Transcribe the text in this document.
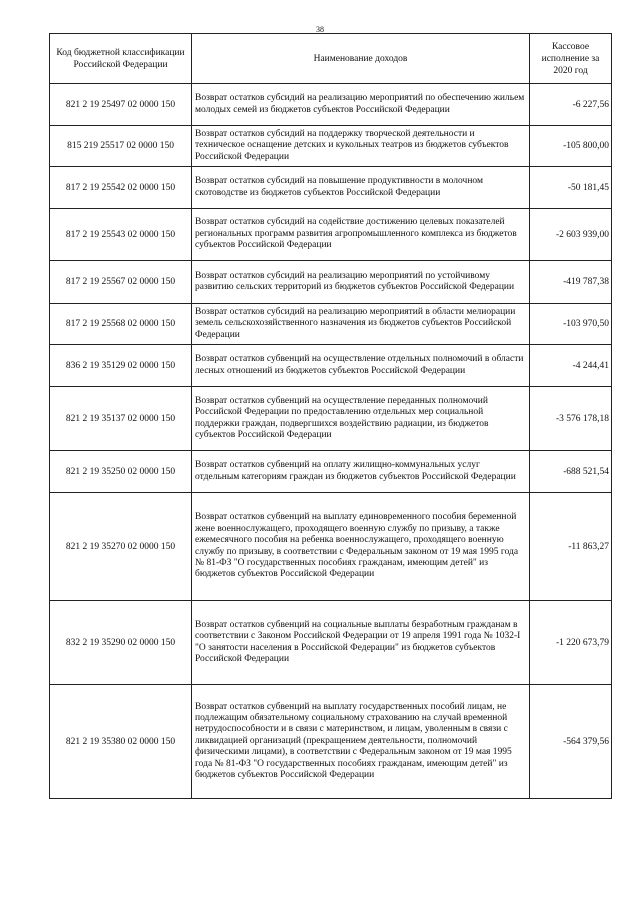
38
Код бюджетной классификации Российской Федерации	Наименование доходов	Кассовое исполнение за 2020 год
821 2 19 25497 02 0000 150	Возврат остатков субсидий на реализацию мероприятий по обеспечению жильем молодых семей из бюджетов субъектов Российской Федерации	-6 227,56
815 219 25517 02 0000 150	Возврат остатков субсидий на поддержку творческой деятельности и техническое оснащение детских и кукольных театров из бюджетов субъектов Российской Федерации	-105 800,00
817 2 19 25542 02 0000 150	Возврат остатков субсидий на повышение продуктивности в молочном скотоводстве из бюджетов субъектов Российской Федерации	-50 181,45
817 2 19 25543 02 0000 150	Возврат остатков субсидий на содействие достижению целевых показателей региональных программ развития агропромышленного комплекса из бюджетов субъектов Российской Федерации	-2 603 939,00
817 2 19 25567 02 0000 150	Возврат остатков субсидий на реализацию мероприятий по устойчивому развитию сельских территорий из бюджетов субъектов Российской Федерации	-419 787,38
817 2 19 25568 02 0000 150	Возврат остатков субсидий на реализацию мероприятий в области мелиорации земель сельскохозяйственного назначения из бюджетов субъектов Российской Федерации	-103 970,50
836 2 19 35129 02 0000 150	Возврат остатков субвенций на осуществление отдельных полномочий в области лесных отношений из бюджетов субъектов Российской Федерации	-4 244,41
821 2 19 35137 02 0000 150	Возврат остатков субвенций на осуществление переданных полномочий Российской Федерации по предоставлению отдельных мер социальной поддержки граждан, подвергшихся воздействию радиации, из бюджетов субъектов Российской Федерации	-3 576 178,18
821 2 19 35250 02 0000 150	Возврат остатков субвенций на оплату жилищно-коммунальных услуг отдельным категориям граждан из бюджетов субъектов Российской Федерации	-688 521,54
821 2 19 35270 02 0000 150	Возврат остатков субвенций на выплату единовременного пособия беременной жене военнослужащего, проходящего военную службу по призыву, а также ежемесячного пособия на ребенка военнослужащего, проходящего военную службу по призыву, в соответствии с Федеральным законом от 19 мая 1995 года № 81-ФЗ "О государственных пособиях гражданам, имеющим детей" из бюджетов субъектов Российской Федерации	-11 863,27
832 2 19 35290 02 0000 150	Возврат остатков субвенций на социальные выплаты безработным гражданам в соответствии с Законом Российской Федерации от 19 апреля 1991 года № 1032-I "О занятости населения в Российской Федерации" из бюджетов субъектов Российской Федерации	-1 220 673,79
821 2 19 35380 02 0000 150	Возврат остатков субвенций на выплату государственных пособий лицам, не подлежащим обязательному социальному страхованию на случай временной нетрудоспособности и в связи с материнством, и лицам, уволенным в связи с ликвидацией организаций (прекращением деятельности, полномочий физическими лицами), в соответствии с Федеральным законом от 19 мая 1995 года № 81-ФЗ "О государственных пособиях гражданам, имеющим детей" из бюджетов субъектов Российской Федерации	-564 379,56
